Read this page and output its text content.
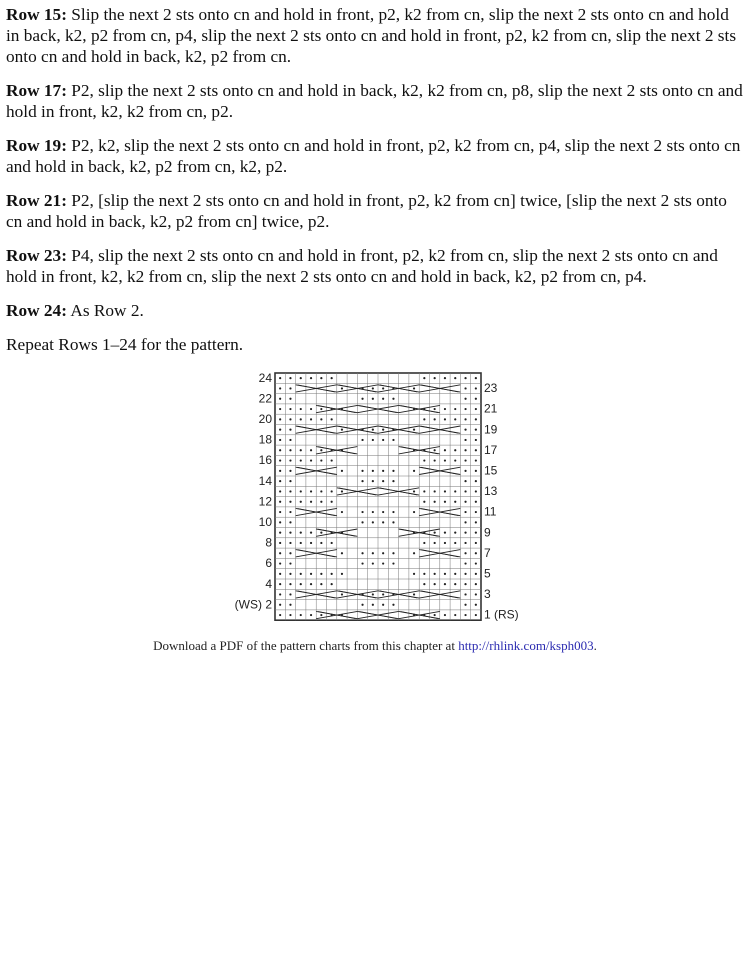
Row 15: Slip the next 2 sts onto cn and hold in front, p2, k2 from cn, slip the next 2 sts onto cn and hold in back, k2, p2 from cn, p4, slip the next 2 sts onto cn and hold in front, p2, k2 from cn, slip the next 2 sts onto cn and hold in back, k2, p2 from cn.

Row 17: P2, slip the next 2 sts onto cn and hold in back, k2, k2 from cn, p8, slip the next 2 sts onto cn and hold in front, k2, k2 from cn, p2.

Row 19: P2, k2, slip the next 2 sts onto cn and hold in front, p2, k2 from cn, p4, slip the next 2 sts onto cn and hold in back, k2, p2 from cn, k2, p2.

Row 21: P2, [slip the next 2 sts onto cn and hold in front, p2, k2 from cn] twice, [slip the next 2 sts onto cn and hold in back, k2, p2 from cn] twice, p2.

Row 23: P4, slip the next 2 sts onto cn and hold in front, p2, k2 from cn, slip the next 2 sts onto cn and hold in front, k2, k2 from cn, slip the next 2 sts onto cn and hold in back, k2, p2 from cn, p4.

Row 24: As Row 2.

Repeat Rows 1–24 for the pattern.

24
22
20
18
16
14
12
10
8
6
4
(WS) 2
23
21
19
17
15
13
11
9
7
5
3
1 (RS)
Download a PDF of the pattern charts from this chapter at http://rhlink.com/ksph003.
